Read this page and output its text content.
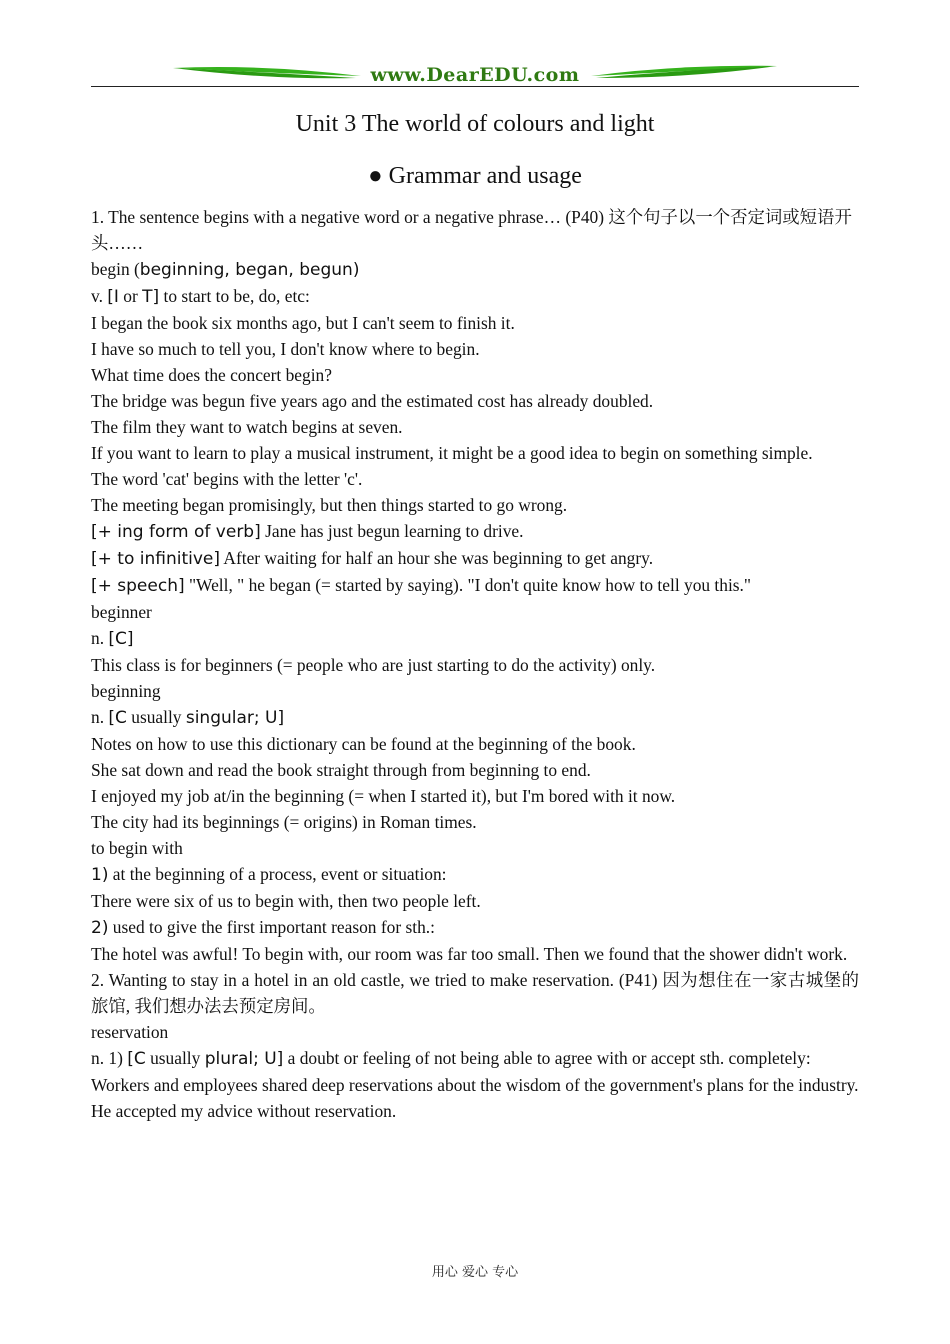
www.DearEDU.com
Unit 3 The world of colours and light
● Grammar and usage
1. The sentence begins with a negative word or a negative phrase… (P40) 这个句子以一个否定词或短语开头……
begin (beginning, began, begun)
v. [I or T] to start to be, do, etc:
I began the book six months ago, but I can't seem to finish it.
I have so much to tell you, I don't know where to begin.
What time does the concert begin?
The bridge was begun five years ago and the estimated cost has already doubled.
The film they want to watch begins at seven.
If you want to learn to play a musical instrument, it might be a good idea to begin on something simple.
The word 'cat' begins with the letter 'c'.
The meeting began promisingly, but then things started to go wrong.
[+ ing form of verb] Jane has just begun learning to drive.
[+ to infinitive] After waiting for half an hour she was beginning to get angry.
[+ speech] "Well, " he began (= started by saying). "I don't quite know how to tell you this."
beginner
n. [C]
This class is for beginners (= people who are just starting to do the activity) only.
beginning
n. [C usually singular; U]
Notes on how to use this dictionary can be found at the beginning of the book.
She sat down and read the book straight through from beginning to end.
I enjoyed my job at/in the beginning (= when I started it), but I'm bored with it now.
The city had its beginnings (= origins) in Roman times.
to begin with
1) at the beginning of a process, event or situation:
There were six of us to begin with, then two people left.
2) used to give the first important reason for sth.:
The hotel was awful! To begin with, our room was far too small. Then we found that the shower didn't work.
2. Wanting to stay in a hotel in an old castle, we tried to make reservation. (P41) 因为想住在一家古城堡的旅馆, 我们想办法去预定房间。
reservation
n. 1) [C usually plural; U] a doubt or feeling of not being able to agree with or accept sth. completely:
Workers and employees shared deep reservations about the wisdom of the government's plans for the industry.
He accepted my advice without reservation.
用心 爱心 专心
